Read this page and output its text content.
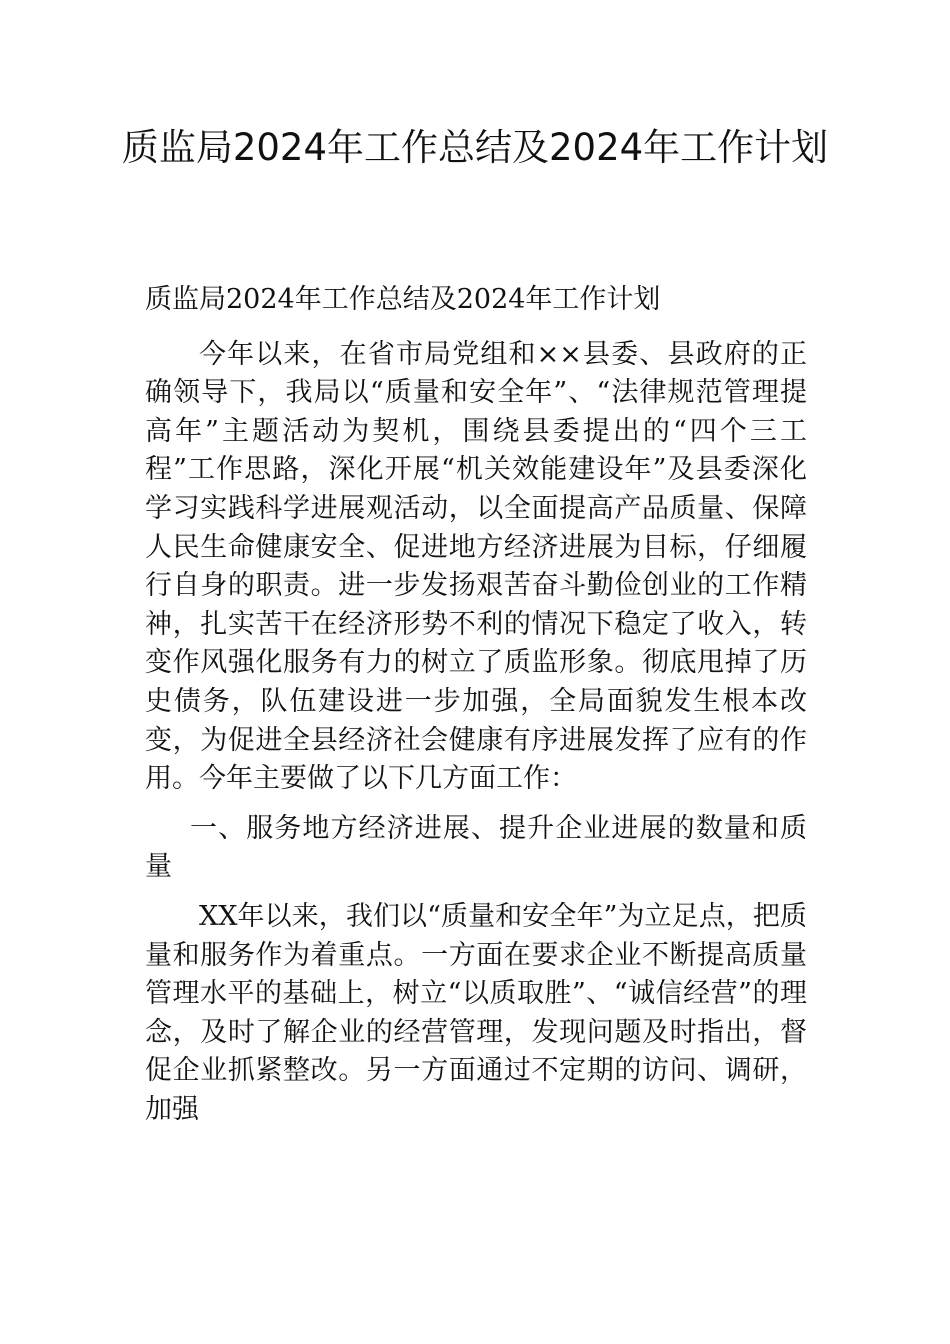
质监局2024年工作总结及2024年工作计划

质监局2024年工作总结及2024年工作计划

今年以来，在省市局党组和××县委、县政府的正确领导下，我局以“质量和安全年”、“法律规范管理提高年”主题活动为契机，围绕县委提出的“四个三工程”工作思路，深化开展“机关效能建设年”及县委深化学习实践科学进展观活动，以全面提高产品质量、保障人民生命健康安全、促进地方经济进展为目标，仔细履行自身的职责。进一步发扬艰苦奋斗勤俭创业的工作精神，扎实苦干在经济形势不利的情况下稳定了收入，转变作风强化服务有力的树立了质监形象。彻底甩掉了历史债务，队伍建设进一步加强，全局面貌发生根本改变，为促进全县经济社会健康有序进展发挥了应有的作用。今年主要做了以下几方面工作：

一、服务地方经济进展、提升企业进展的数量和质量

XX年以来，我们以“质量和安全年”为立足点，把质量和服务作为着重点。一方面在要求企业不断提高质量管理水平的基础上，树立“以质取胜”、“诚信经营”的理念，及时了解企业的经营管理，发现问题及时指出，督促企业抓紧整改。另一方面通过不定期的访问、调研，加强
